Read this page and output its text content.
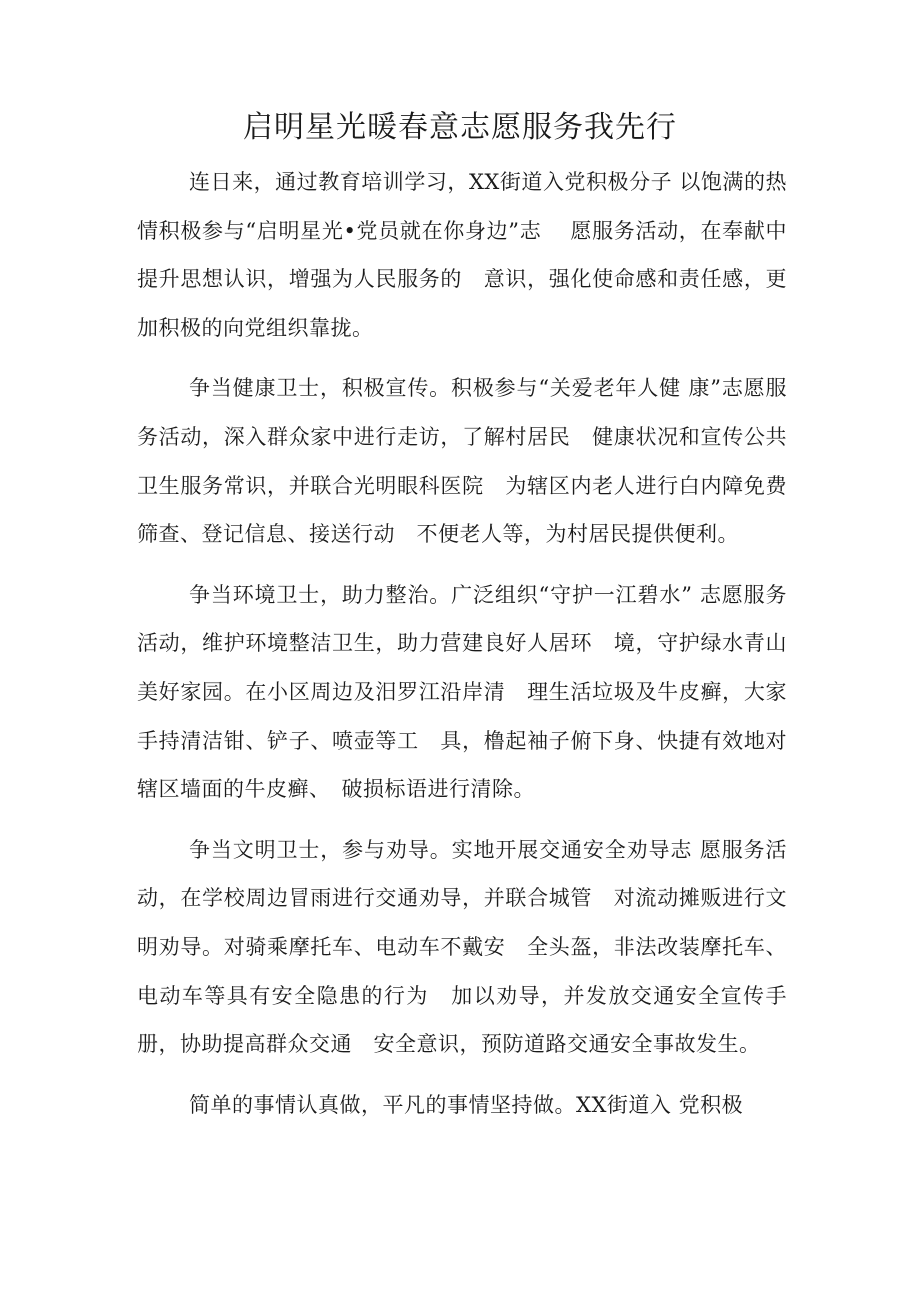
启明星光暖春意志愿服务我先行

连日来，通过教育培训学习，XX街道入党积极分子 以饱满的热情积极参与“启明星光•党员就在你身边”志　 愿服务活动，在奉献中提升思想认识，增强为人民服务的　意识，强化使命感和责任感，更加积极的向党组织靠拢。

争当健康卫士，积极宣传。积极参与“关爱老年人健 康”志愿服务活动，深入群众家中进行走访，了解村居民　健康状况和宣传公共卫生服务常识，并联合光明眼科医院　为辖区内老人进行白内障免费筛查、登记信息、接送行动　不便老人等，为村居民提供便利。

争当环境卫士，助力整治。广泛组织“守护一江碧水” 志愿服务活动，维护环境整洁卫生，助力营建良好人居环　境，守护绿水青山美好家园。在小区周边及汨罗江沿岸清　理生活垃圾及牛皮癣，大家手持清洁钳、铲子、喷壶等工　具，橹起袖子俯下身、快捷有效地对辖区墙面的牛皮癣、　破损标语进行清除。

争当文明卫士，参与劝导。实地开展交通安全劝导志 愿服务活动，在学校周边冒雨进行交通劝导，并联合城管　对流动摊贩进行文明劝导。对骑乘摩托车、电动车不戴安　全头盔，非法改装摩托车、电动车等具有安全隐患的行为　加以劝导，并发放交通安全宣传手册，协助提高群众交通　安全意识，预防道路交通安全事故发生。

简单的事情认真做，平凡的事情坚持做。XX街道入 党积极
